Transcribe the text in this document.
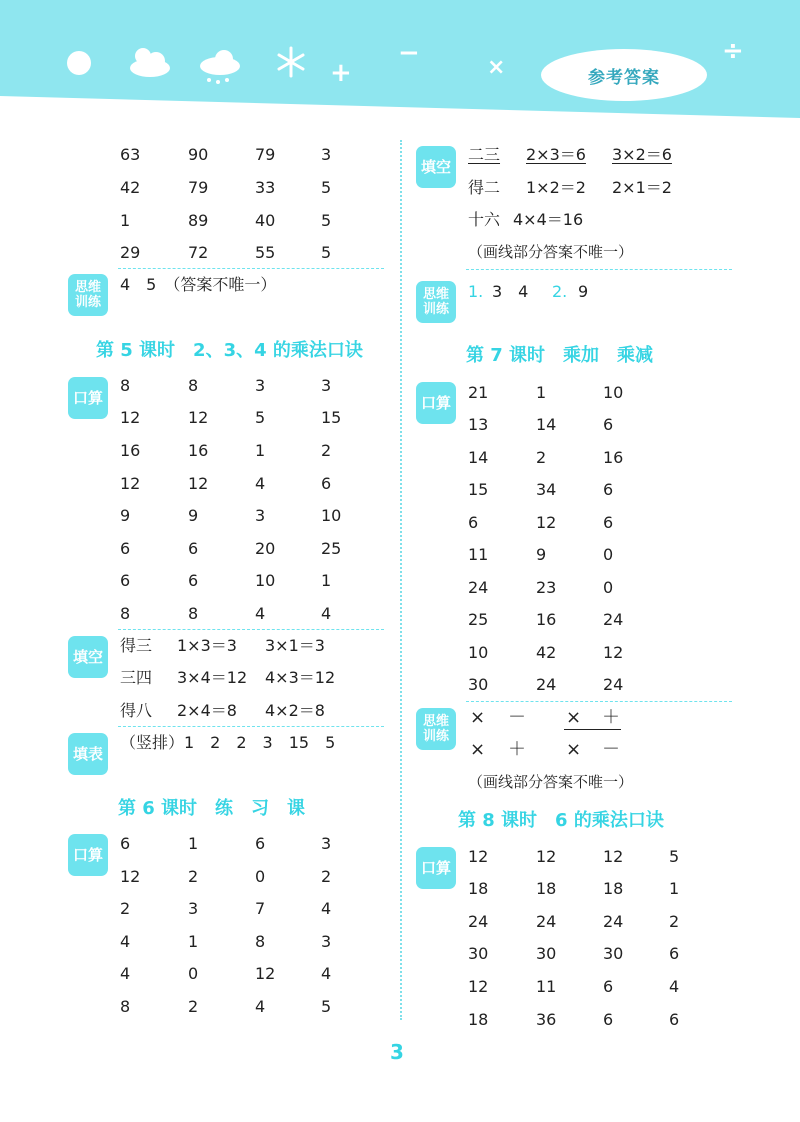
+
−	×
÷
参考答案
63	90	79	3
42	79	33	5
1	89	40	5
29	72	55	5
思维
训练
4　5　（答案不唯一）
第 5 课时　2、3、4 的乘法口诀
口算
8	8	3	3
12	12	5	15
16	16	1	2
12	12	4	6
9	9	3	10
6	6	20	25
6	6	10	1
8	8	4	4
填空
得三 1×3＝3 3×1＝3
三四 3×4＝12 4×3＝12
得八 2×4＝8 4×2＝8
填表
（竖排）1　2　2　3　15　5
第 6 课时　练　习　课
口算
6	1	6	3
12	2	0	2
2	3	7	4
4	1	8	3
4	0	12	4
8	2	4	5
填空
二三 2×3＝6 3×2＝6
得二 1×2＝2 2×1＝2
十六 4×4＝16
（画线部分答案不唯一）
思维
训练
1. 3　4 2. 9
第 7 课时　乘加　乘减
口算
21	1	10
13	14	6
14	2	16
15	34	6
6	12	6
11	9	0
24	23	0
25	16	24
10	42	12
30	24	24
思维
训练
× － × ＋
× ＋ × －
（画线部分答案不唯一）
第 8 课时　6 的乘法口诀
口算
12	12	12	5
18	18	18	1
24	24	24	2
30	30	30	6
12	11	6	4
18	36	6	6
3
